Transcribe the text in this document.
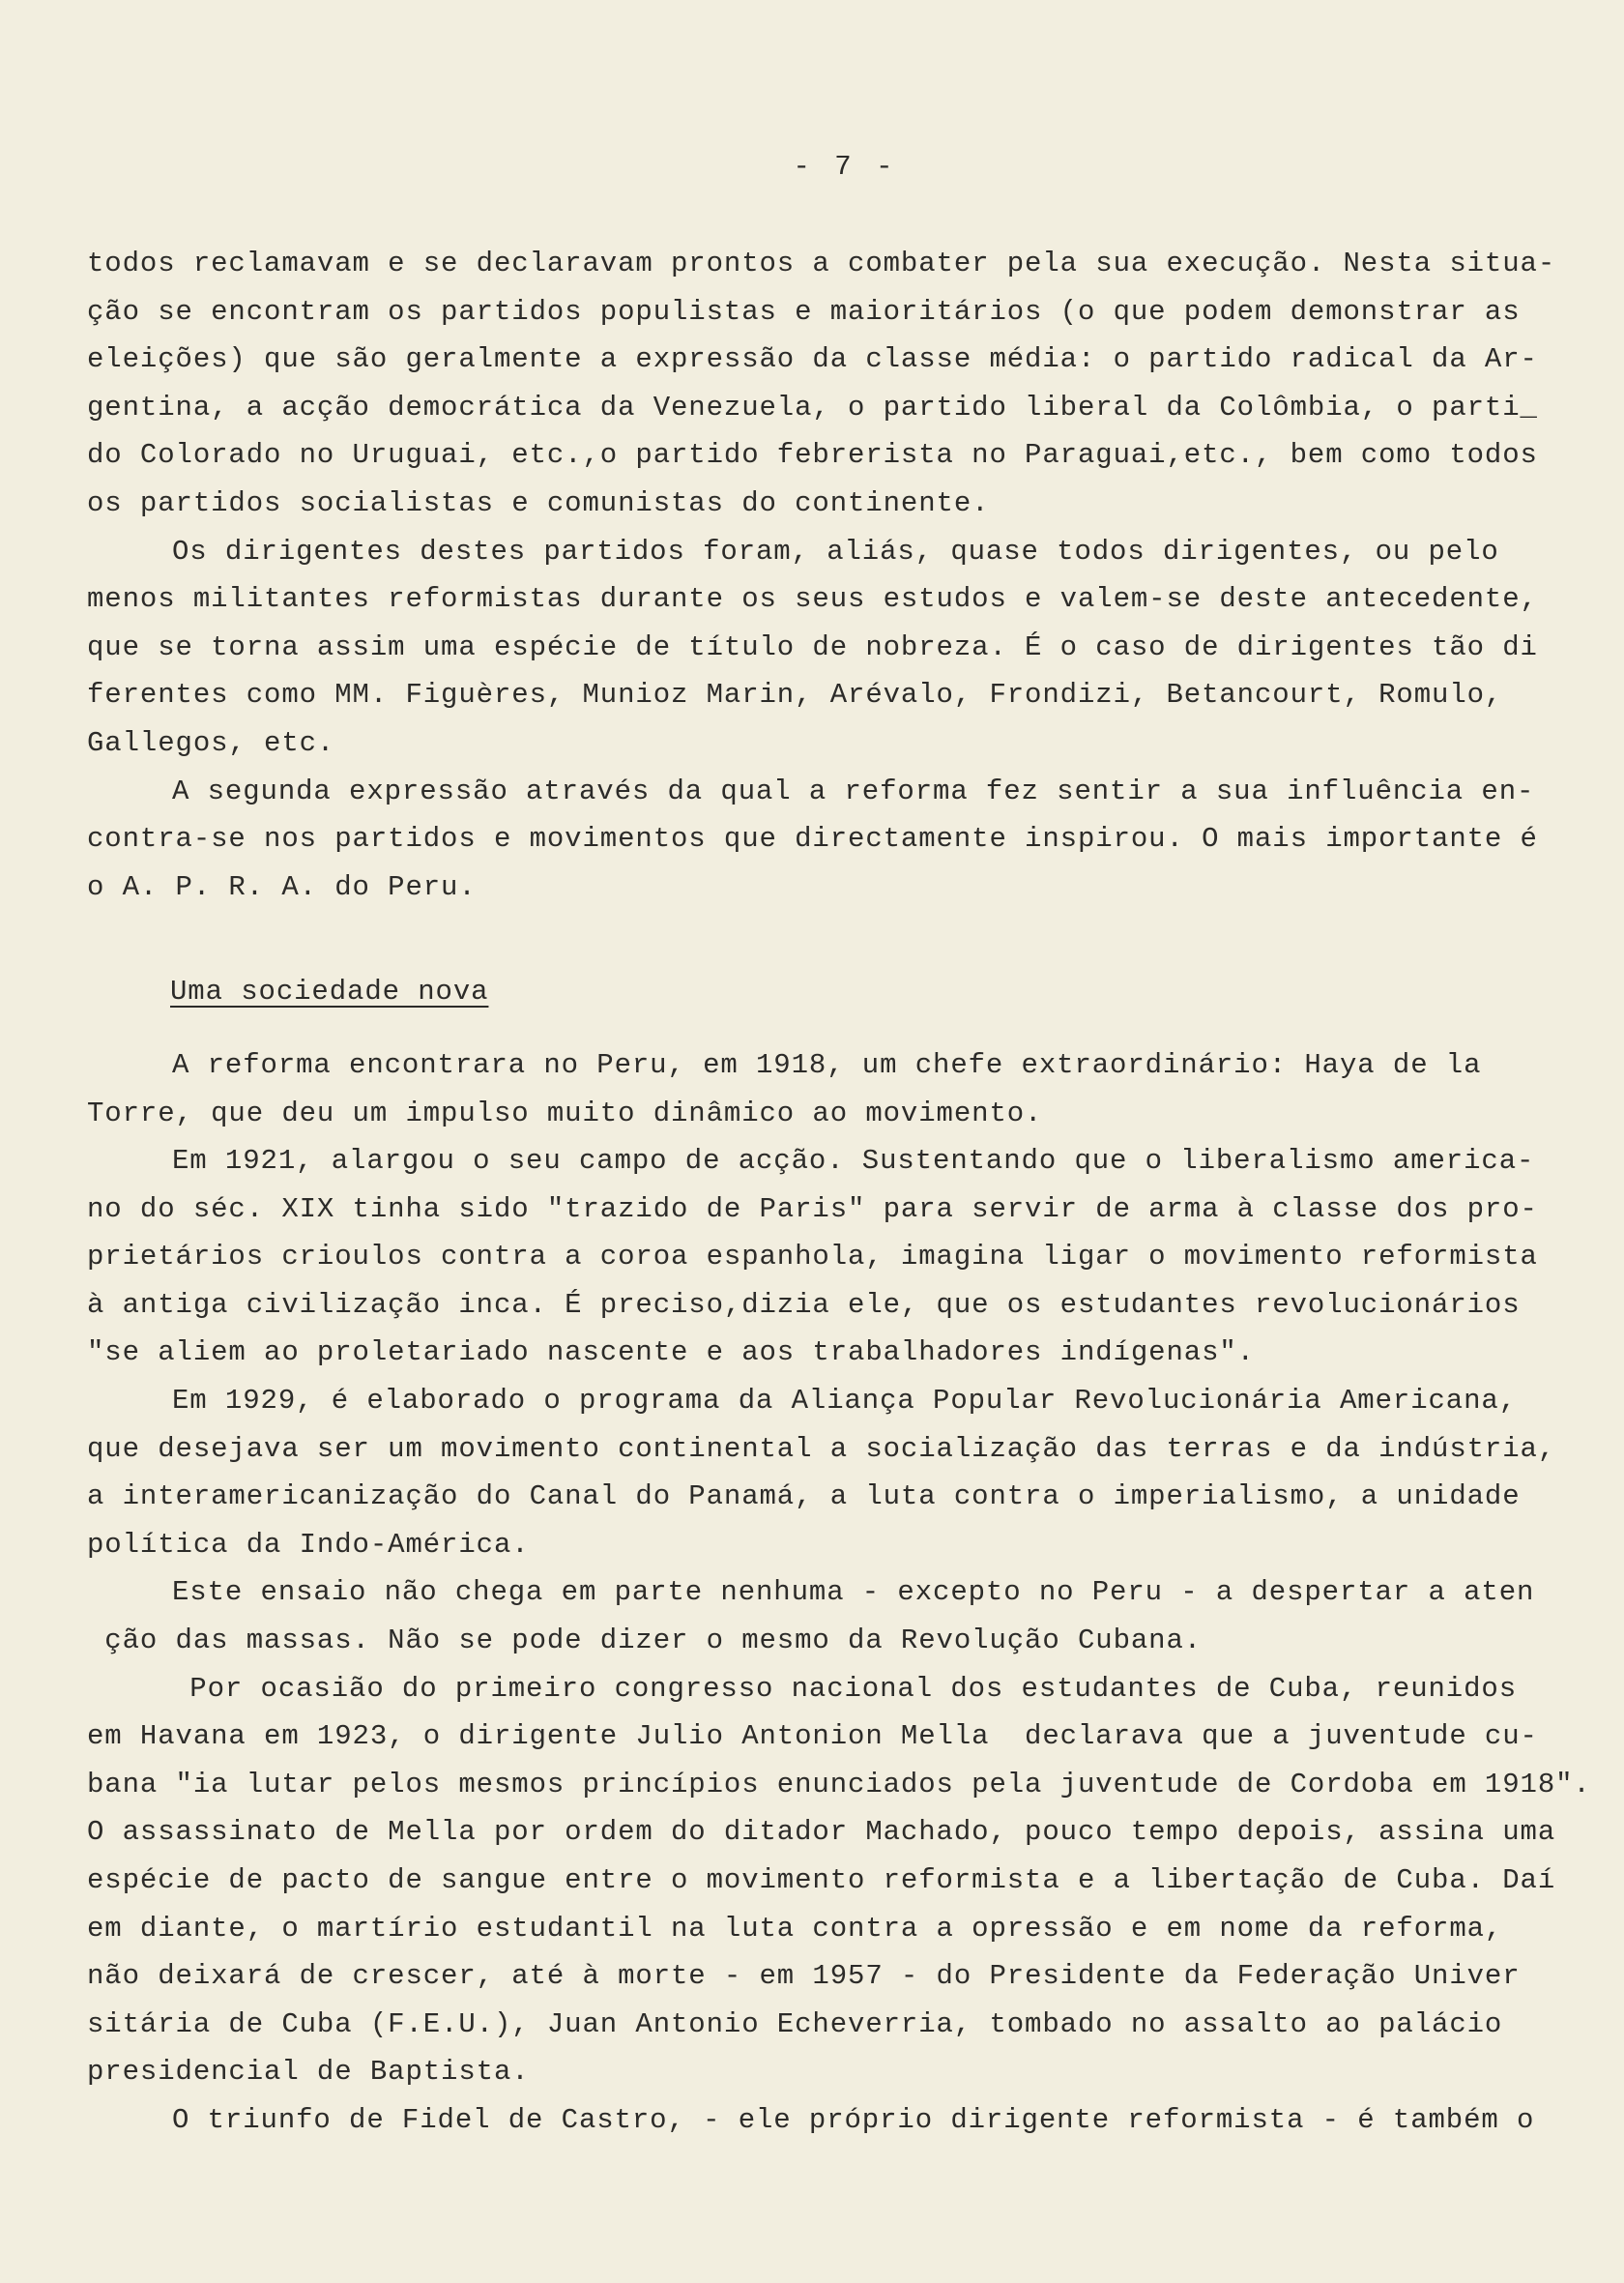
- 7 -
todos reclamavam e se declaravam prontos a combater pela sua execução. Nesta situa-
ção se encontram os partidos populistas e maioritários (o que podem demonstrar as
eleições) que são geralmente a expressão da classe média: o partido radical da Ar-
gentina, a acção democrática da Venezuela, o partido liberal da Colômbia, o parti_
do Colorado no Uruguai, etc.,o partido febrerista no Paraguai,etc., bem como todos
os partidos socialistas e comunistas do continente.
Os dirigentes destes partidos foram, aliás, quase todos dirigentes, ou pelo
menos militantes reformistas durante os seus estudos e valem-se deste antecedente,
que se torna assim uma espécie de título de nobreza. É o caso de dirigentes tão di
ferentes como MM. Figuères, Munioz Marin, Arévalo, Frondizi, Betancourt, Romulo,
Gallegos, etc.
A segunda expressão através da qual a reforma fez sentir a sua influência en-
contra-se nos partidos e movimentos que directamente inspirou. O mais importante é
o A. P. R. A. do Peru.
Uma sociedade nova
A reforma encontrara no Peru, em 1918, um chefe extraordinário: Haya de la
Torre, que deu um impulso muito dinâmico ao movimento.
Em 1921, alargou o seu campo de acção. Sustentando que o liberalismo america-
no do séc. XIX tinha sido "trazido de Paris" para servir de arma à classe dos pro-
prietários crioulos contra a coroa espanhola, imagina ligar o movimento reformista
à antiga civilização inca. É preciso,dizia ele, que os estudantes revolucionários
"se aliem ao proletariado nascente e aos trabalhadores indígenas".
Em 1929, é elaborado o programa da Aliança Popular Revolucionária Americana,
que desejava ser um movimento continental a socialização das terras e da indústria,
a interamericanização do Canal do Panamá, a luta contra o imperialismo, a unidade
política da Indo-América.
Este ensaio não chega em parte nenhuma - excepto no Peru - a despertar a aten
ção das massas. Não se pode dizer o mesmo da Revolução Cubana.
Por ocasião do primeiro congresso nacional dos estudantes de Cuba, reunidos
em Havana em 1923, o dirigente Julio Antonion Mella  declarava que a juventude cu-
bana "ia lutar pelos mesmos princípios enunciados pela juventude de Cordoba em 1918".
O assassinato de Mella por ordem do ditador Machado, pouco tempo depois, assina uma
espécie de pacto de sangue entre o movimento reformista e a libertação de Cuba. Daí
em diante, o martírio estudantil na luta contra a opressão e em nome da reforma,
não deixará de crescer, até à morte - em 1957 - do Presidente da Federação Univer
sitária de Cuba (F.E.U.), Juan Antonio Echeverria, tombado no assalto ao palácio
presidencial de Baptista.
O triunfo de Fidel de Castro, - ele próprio dirigente reformista - é também o
